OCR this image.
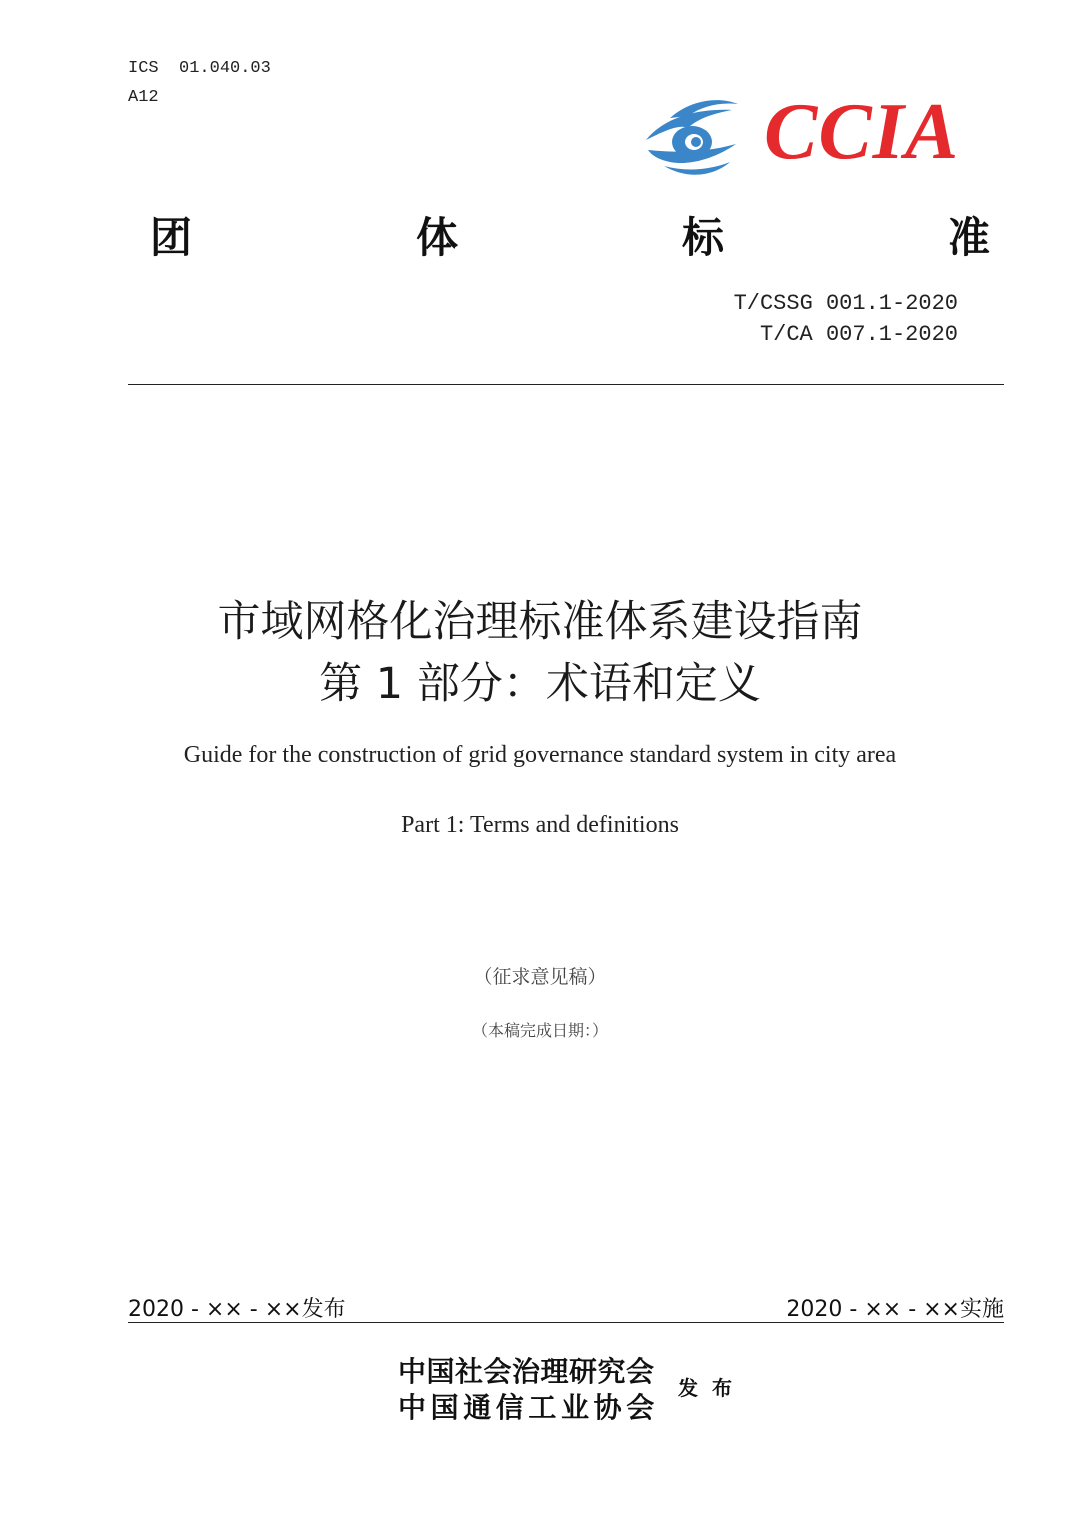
ICS  01.040.03
A12	CCIA
团	体	标	准
T/CSSG 001.1-2020
T/CA 007.1-2020
市域网格化治理标准体系建设指南
第 1 部分：术语和定义
Guide for the construction of grid governance standard system in city area
Part 1: Terms and definitions
（征求意见稿）
（本稿完成日期：）
2020 - ×× - ××发布	2020 - ×× - ××实施
中国社会治理研究会
中国通信工业协会
发布
